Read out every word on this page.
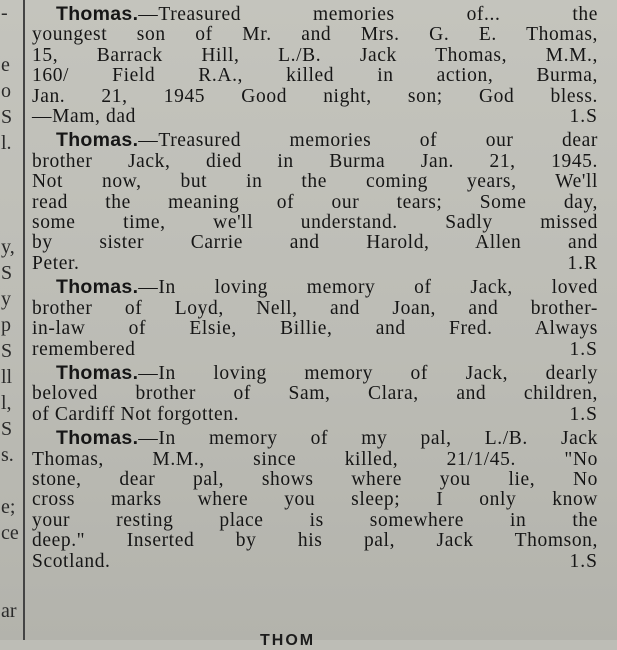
-
e
o
S
l.
y,
S
y
p
S
ll
l,
S
s.
e;
ce
ar
Thomas.—Treasured memories of... the
youngest son of Mr. and Mrs. G. E. Thomas,
15, Barrack Hill, L./B. Jack Thomas, M.M.,
160/ Field R.A., killed in action, Burma,
Jan. 21, 1945 Good night, son; God bless.
—Mam, dad	1.S
Thomas.—Treasured memories of our dear
brother Jack, died in Burma Jan. 21, 1945.
Not now, but in the coming years, We'll
read the meaning of our tears; Some day,
some time, we'll understand. Sadly missed
by sister Carrie and Harold, Allen and
Peter.	1.R
Thomas.—In loving memory of Jack, loved
brother of Loyd, Nell, and Joan, and brother-
in-law of Elsie, Billie, and Fred. Always
remembered	1.S
Thomas.—In loving memory of Jack, dearly
beloved brother of Sam, Clara, and children,
of Cardiff Not forgotten.	1.S
Thomas.—In memory of my pal, L./B. Jack
Thomas, M.M., since killed, 21/1/45. "No
stone, dear pal, shows where you lie, No
cross marks where you sleep; I only know
your resting place is somewhere in the
deep." Inserted by his pal, Jack Thomson,
Scotland.	1.S
THOM
